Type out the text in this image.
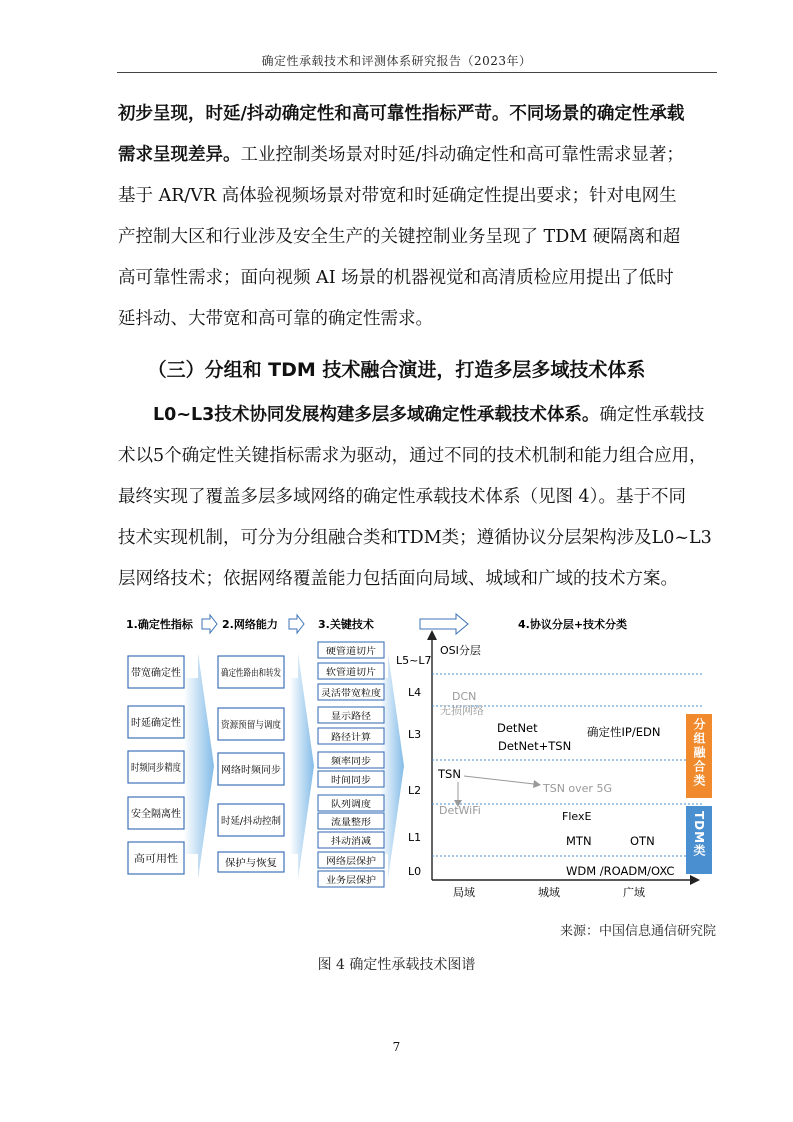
确定性承载技术和评测体系研究报告（2023年）
初步呈现，时延/抖动确定性和高可靠性指标严苛。不同场景的确定性承载
需求呈现差异。工业控制类场景对时延/抖动确定性和高可靠性需求显著；
基于 AR/VR 高体验视频场景对带宽和时延确定性提出要求；针对电网生
产控制大区和行业涉及安全生产的关键控制业务呈现了 TDM 硬隔离和超
高可靠性需求；面向视频 AI 场景的机器视觉和高清质检应用提出了低时
延抖动、大带宽和高可靠的确定性需求。
（三）分组和 TDM 技术融合演进，打造多层多域技术体系
L0~L3技术协同发展构建多层多域确定性承载技术体系。确定性承载技
术以5个确定性关键指标需求为驱动，通过不同的技术机制和能力组合应用，
最终实现了覆盖多层多域网络的确定性承载技术体系（见图 4）。基于不同
技术实现机制，可分为分组融合类和TDM类；遵循协议分层架构涉及L0~L3
层网络技术；依据网络覆盖能力包括面向局域、城域和广域的技术方案。
1.确定性指标	2.网络能力	3.关键技术	4.协议分层+技术分类
带宽确定性
时延确定性
时频同步精度
安全隔离性
高可用性
确定性路由和转发
资源预留与调度
网络时频同步
时延/抖动控制
保护与恢复
硬管道切片
软管道切片
灵活带宽粒度
显示路径
路径计算
频率同步
时间同步
队列调度
流量整形
抖动消减
网络层保护
业务层保护
L5~L7
L4
L3
L2
L1
L0
OSI分层
DCN
无损网络
DetNet
DetNet+TSN
确定性IP/EDN
TSN
TSN over 5G
DetWiFi	FlexE
MTN	OTN
WDM /ROADM/OXC
局域	城域	广域
分组融合类
TDM类
来源：中国信息通信研究院
图 4 确定性承载技术图谱
7
